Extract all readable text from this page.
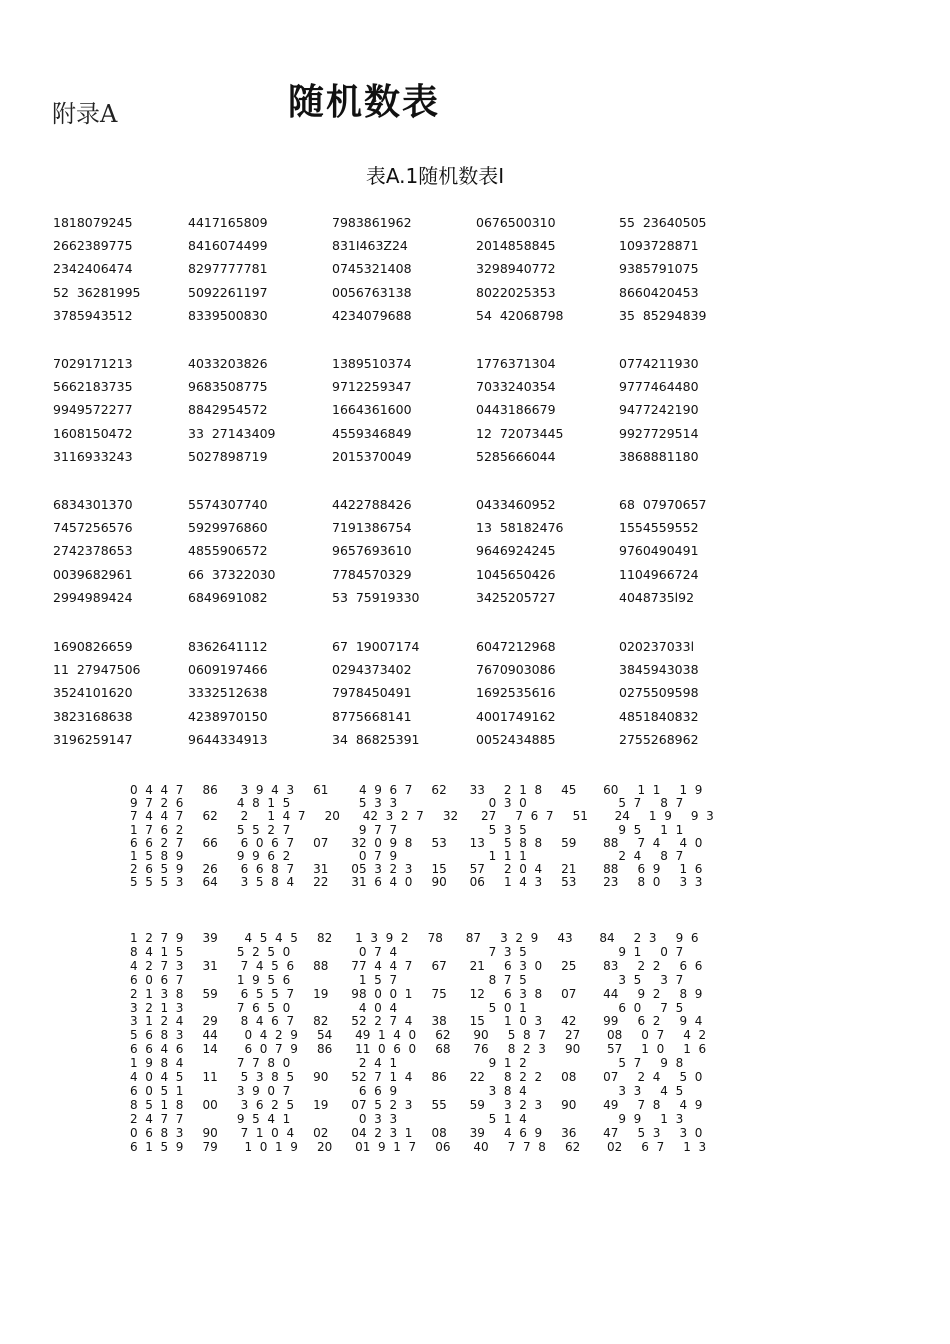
附录A	随机数表
表A.1随机数表I
1818079245	4417165809	7983861962	0676500310	55  23640505
2662389775	8416074499	831I463Z24	2014858845	1093728871
2342406474	8297777781	0745321408	3298940772	9385791075
52  36281995	5092261197	0056763138	8022025353	8660420453
3785943512	8339500830	4234079688	54  42068798	35  85294839
7029171213	4033203826	1389510374	1776371304	0774211930
5662183735	9683508775	9712259347	7033240354	9777464480
9949572277	8842954572	1664361600	0443186679	9477242190
1608150472	33  27143409	4559346849	12  72073445	9927729514
3116933243	5027898719	2015370049	5285666044	3868881180
6834301370	5574307740	4422788426	0433460952	68  07970657
7457256576	5929976860	7191386754	13  58182476	1554559552
2742378653	4855906572	9657693610	9646924245	9760490491
0039682961	66  37322030	7784570329	1045650426	1104966724
2994989424	6849691082	53  75919330	3425205727	4048735l92
1690826659	8362641112	67  19007174	6047212968	020237033l
11  27947506	0609197466	0294373402	7670903086	3845943038
3524101620	3332512638	7978450491	1692535616	0275509598
3823168638	4238970150	8775668141	4001749162	4851840832
3196259147	9644334913	34  86825391	0052434885	2755268962
0  4  4  7     86      3  9  4  3     61        4  9  6  7     62      33     2  1  8     45       60     1  1     1  9
9  7  2  6              4  8  1  5                  5  3  3                        0  3  0                        5  7     8  7
7  4  4  7     62      2     1  4  7     20      42  3  2  7     32      27     7  6  7     51       24     1  9     9  3
1  7  6  2              5  5  2  7                  9  7  7                        5  3  5                        9  5     1  1
6  6  2  7     66      6  0  6  7     07      32  0  9  8     53      13     5  8  8     59       88     7  4     4  0
1  5  8  9              9  9  6  2                  0  7  9                        1  1  1                        2  4     8  7
2  6  5  9     26      6  6  8  7     31      05  3  2  3     15      57     2  0  4     21       88     6  9     1  6
5  5  5  3     64      3  5  8  4     22      31  6  4  0     90      06     1  4  3     53       23     8  0     3  3
1  2  7  9     39       4  5  4  5     82      1  3  9  2     78      87     3  2  9     43       84     2  3     9  6
8  4  1  5              5  2  5  0                  0  7  4                        7  3  5                        9  1     0  7
4  2  7  3     31      7  4  5  6     88      77  4  4  7     67      21     6  3  0     25       83     2  2     6  6
6  0  6  7              1  9  5  6                  1  5  7                        8  7  5                        3  5     3  7
2  1  3  8     59      6  5  5  7     19      98  0  0  1     75      12     6  3  8     07       44     9  2     8  9
3  2  1  3              7  6  5  0                  4  0  4                        5  0  1                        6  0     7  5
3  1  2  4     29      8  4  6  7     82      52  2  7  4     38      15     1  0  3     42       99     6  2     9  4
5  6  8  3     44       0  4  2  9     54      49  1  4  0     62      90     5  8  7     27       08     0  7     4  2
6  6  4  6     14       6  0  7  9     86      11  0  6  0     68      76     8  2  3     90       57     1  0     1  6
1  9  8  4              7  7  8  0                  2  4  1                        9  1  2                        5  7     9  8
4  0  4  5     11      5  3  8  5     90      52  7  1  4     86      22     8  2  2     08       07     2  4     5  0
6  0  5  1              3  9  0  7                  6  6  9                        3  8  4                        3  3     4  5
8  5  1  8     00      3  6  2  5     19      07  5  2  3     55      59     3  2  3     90       49     7  8     4  9
2  4  7  7              9  5  4  1                  0  3  3                        5  1  4                        9  9     1  3
0  6  8  3     90      7  1  0  4     02      04  2  3  1     08      39     4  6  9     36       47     5  3     3  0
6  1  5  9     79       1  0  1  9     20      01  9  1  7     06      40     7  7  8     62       02     6  7     1  3
